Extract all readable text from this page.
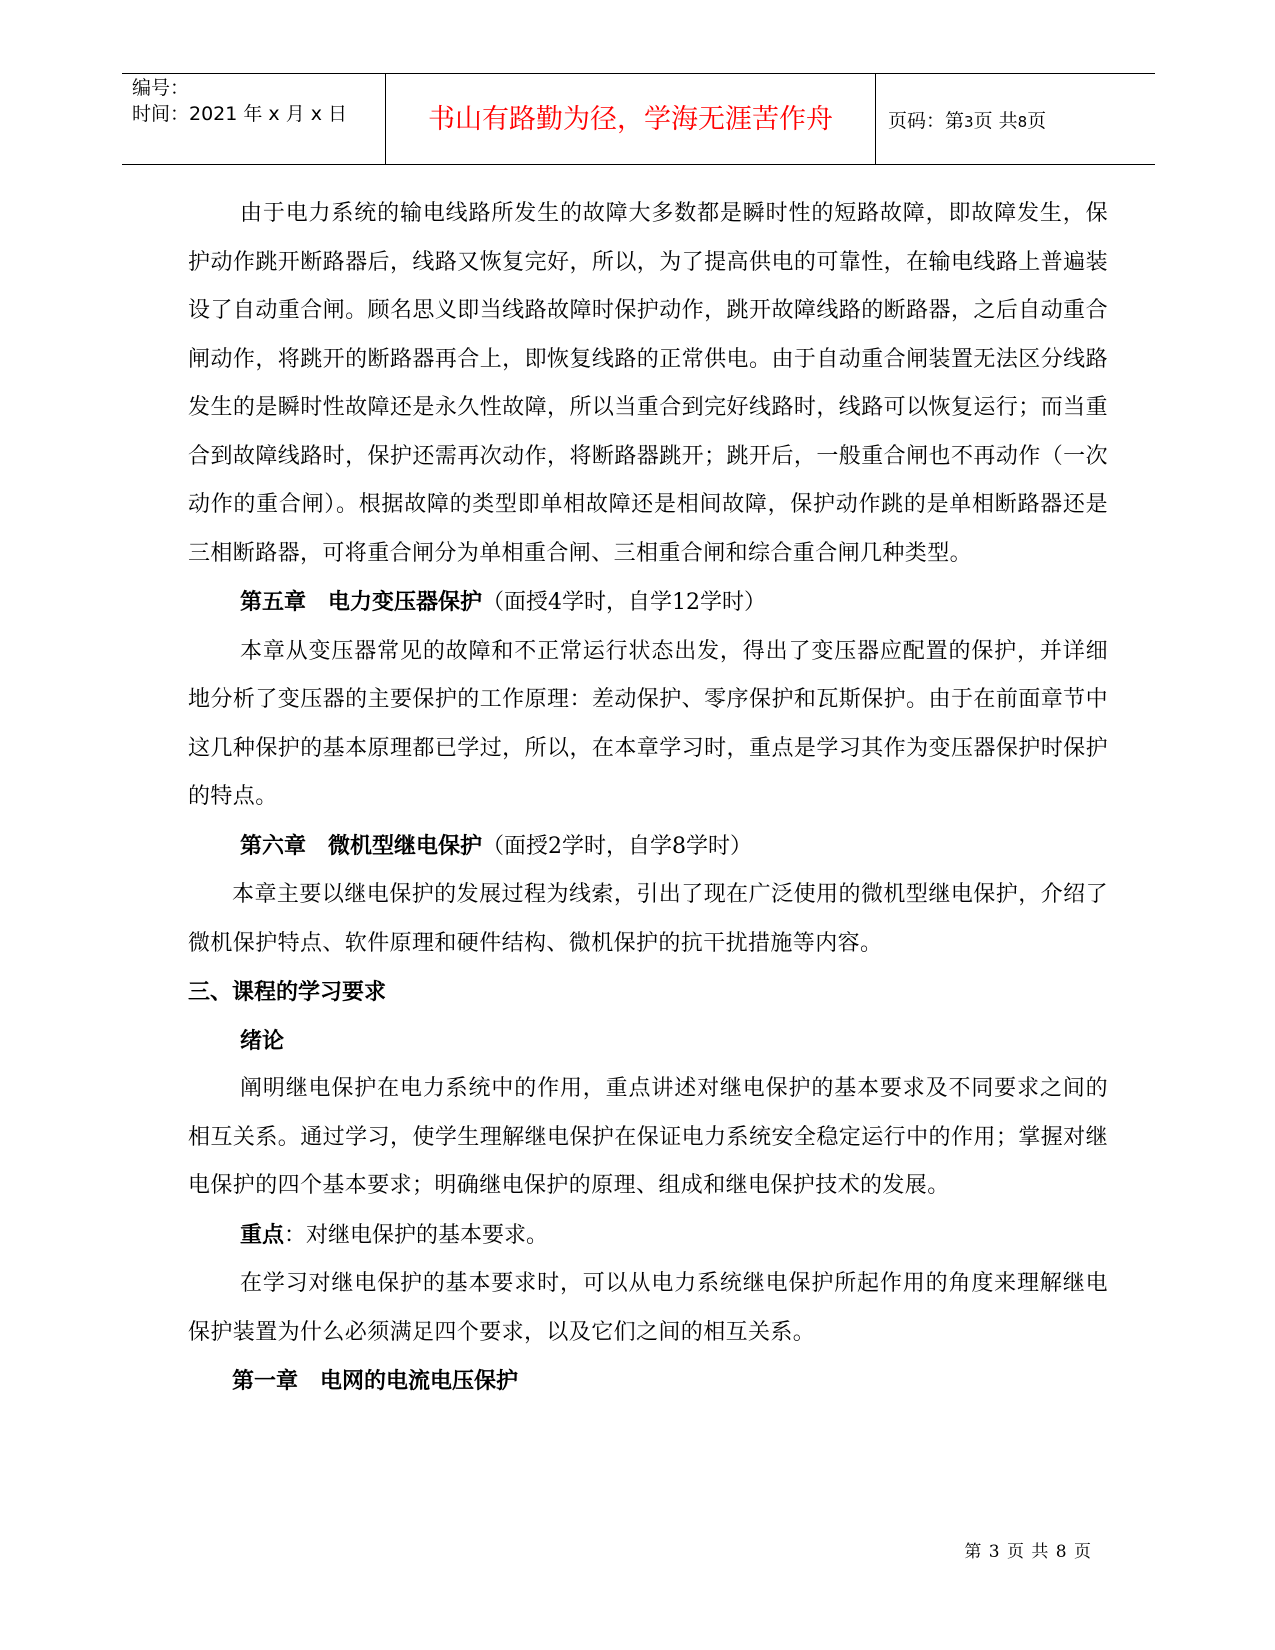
编号：
时间：2021 年 x 月 x 日	书山有路勤为径，学海无涯苦作舟	页码：第3页 共8页

由于电力系统的输电线路所发生的故障大多数都是瞬时性的短路故障，即故障发生，保护动作跳开断路器后，线路又恢复完好，所以，为了提高供电的可靠性，在输电线路上普遍装设了自动重合闸。顾名思义即当线路故障时保护动作，跳开故障线路的断路器，之后自动重合闸动作，将跳开的断路器再合上，即恢复线路的正常供电。由于自动重合闸装置无法区分线路发生的是瞬时性故障还是永久性故障，所以当重合到完好线路时，线路可以恢复运行；而当重合到故障线路时，保护还需再次动作，将断路器跳开；跳开后，一般重合闸也不再动作（一次动作的重合闸）。根据故障的类型即单相故障还是相间故障，保护动作跳的是单相断路器还是三相断路器，可将重合闸分为单相重合闸、三相重合闸和综合重合闸几种类型。

第五章　电力变压器保护（面授4学时，自学12学时）

本章从变压器常见的故障和不正常运行状态出发，得出了变压器应配置的保护，并详细地分析了变压器的主要保护的工作原理：差动保护、零序保护和瓦斯保护。由于在前面章节中这几种保护的基本原理都已学过，所以，在本章学习时，重点是学习其作为变压器保护时保护的特点。

第六章　微机型继电保护（面授2学时，自学8学时）

本章主要以继电保护的发展过程为线索，引出了现在广泛使用的微机型继电保护，介绍了微机保护特点、软件原理和硬件结构、微机保护的抗干扰措施等内容。

三、课程的学习要求

绪论

阐明继电保护在电力系统中的作用，重点讲述对继电保护的基本要求及不同要求之间的相互关系。通过学习，使学生理解继电保护在保证电力系统安全稳定运行中的作用；掌握对继电保护的四个基本要求；明确继电保护的原理、组成和继电保护技术的发展。

重点：对继电保护的基本要求。

在学习对继电保护的基本要求时，可以从电力系统继电保护所起作用的角度来理解继电保护装置为什么必须满足四个要求，以及它们之间的相互关系。

第一章　电网的电流电压保护

第 3 页 共 8 页
